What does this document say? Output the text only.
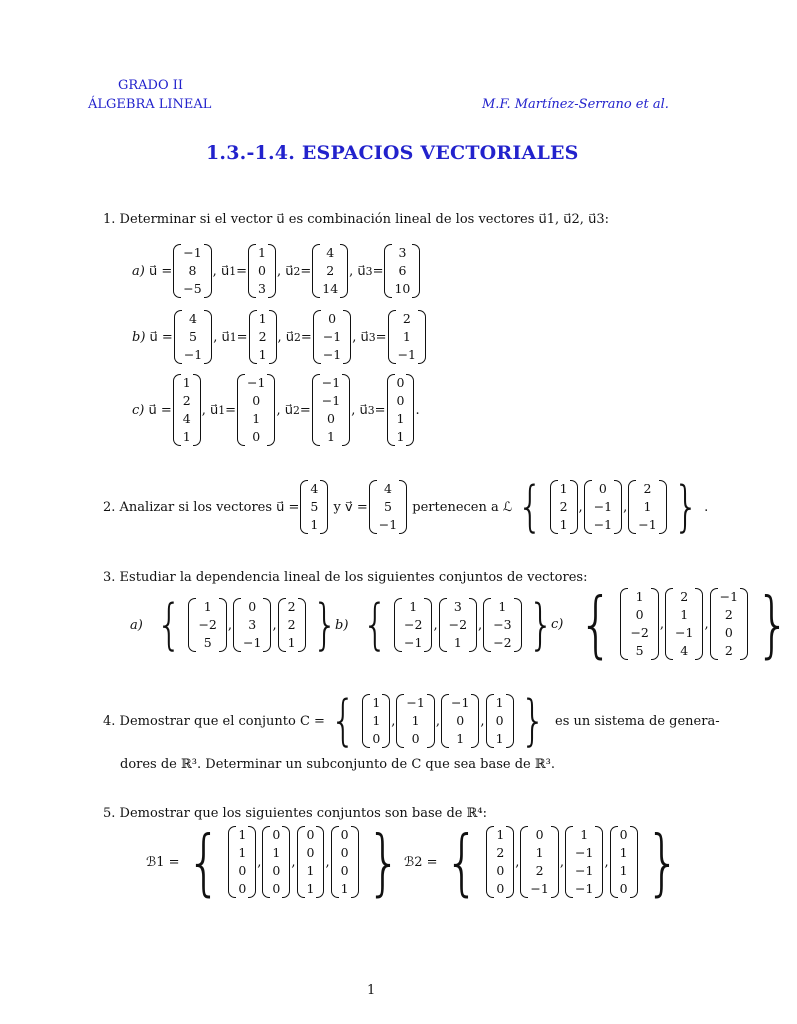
GRADO II
ÁLGEBRA LINEAL	M.F. Martínez-Serrano et al.
1.3.-1.4. ESPACIOS VECTORIALES
1. Determinar si el vector u⃗ es combinación lineal de los vectores u⃗1, u⃗2, u⃗3:
a) u⃗ =
−1
8
−5
, u⃗ 1 =
1
0
3
, u⃗ 2 =
4
2
14
, u⃗ 3 =
3
6
10
b) u⃗ =
4
5
−1
, u⃗ 1 =
1
2
1
, u⃗ 2 =
0
−1
−1
, u⃗ 3 =
2
1
−1
c) u⃗ =
1
2
4
1
, u⃗ 1 =
−1
0
1
0
, u⃗ 2 =
−1
−1
0
1
, u⃗ 3 =
0
0
1
1
.
2.
Analizar si los vectores u⃗ =
4
5
1

y v⃗ =
4
5
−1

pertenecen a ℒ { 1
2
1
,
0
−1
−1
,
2
1
−1 } .
3. Estudiar la dependencia lineal de los siguientes conjuntos de vectores:
a)
{ 1
−2
5
,
0
3
−1
,
2
2
1 }
b)
{ 1
−2
−1
,
3
−2
1
,
1
−3
−2 }
c)
{ 1
0
−2
5
,
2
1
−1
4
,
−1
2
0
2 }
4.
Demostrar que el conjunto C = { 1
1
0
,
−1
1
0
,
−1
0
1
,
1
0
1 }
es un sistema de genera-
dores de ℝ³. Determinar un subconjunto de C que sea base de ℝ³.
5. Demostrar que los siguientes conjuntos son base de ℝ⁴:
ℬ1 = { 1
1
0
0
,
0
1
0
0
,
0
0
1
1
,
0
0
0
1 } ℬ2 = { 1
2
0
0
,
0
1
2
−1
,
1
−1
−1
−1
,
0
1
1
0 }
1
